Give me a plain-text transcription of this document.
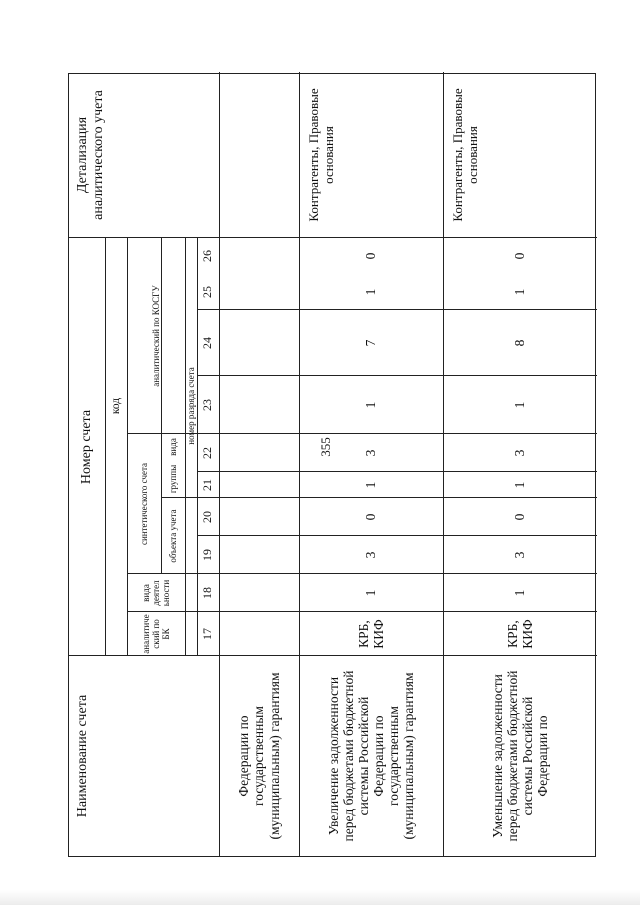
355
Наименование счета
Номер счета
код
аналитиче ский по БК
вида деятел ьности
синтетического счета	объекта учета
группы
вида
аналитический по КОСГУ
номер разряда счета
Детализация аналитического учета
17
18
19
20
21
22
23
24
25
26
Федерации по государственным (муниципальным) гарантиям	Увеличение задолженности перед бюджетами бюджетной системы Российской Федерации по государственным (муниципальным) гарантиям
КРБ, КИФ
1
3
0
1
3
1
7
1
0
Контрагенты, Правовые основания
Уменьшение задолженности перед бюджетами бюджетной системы Российской Федерации по
КРБ, КИФ
1
3
0
1
3
1
8
1
0
Контрагенты, Правовые основания
